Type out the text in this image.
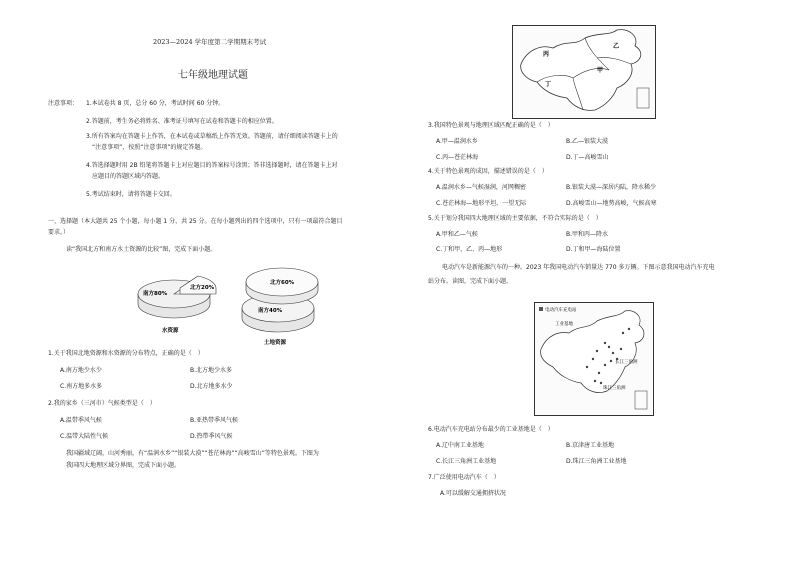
2023—2024 学年度第二学期期末考试
七年级地理试题
注意事项： 1.本试卷共 8 页，总分 60 分，考试时间 60 分钟。
2.答题前，考生务必将姓名、准考证号填写在试卷和答题卡的相应位置。
3.所有答案均在答题卡上作答，在本试卷或草稿纸上作答无效。答题前，请仔细阅读答题卡上的
“注意事项”，按照“注意事项”的规定答题。
4.答选择题时用 2B 铅笔将答题卡上对应题目的答案标号涂黑；答非选择题时，请在答题卡上对
应题目的答题区域内答题。
5.考试结束时，请将答题卡交回。
一、选择题（本大题共 25 个小题，每小题 1 分，共 25 分。在每小题列出的四个选项中，只有一项最符合题目
要求。）
读“我国北方和南方水土资源的比较”图，完成下面小题。
南方80%
北方20%
水资源
北方60%
南方40%
土地资源
1.关于我国北地资源和水资源的分布特点，正确的是（　）
A.南方地少水少	B.北方地少水多
C.南方地多水多	D.北方地多水少
2.我的家乡（三河市）气候类型是（　）
A.温带季风气候	B.亚热带季风气候
C.温带大陆性气候	D.热带季风气候
我国疆域辽阔，山河秀丽，有“温润水乡”“银装大漠”“苍茫林海”“高峻雪山”等特色景观。下图为
我国四大地理区域分界图，完成下面小题。
丙
乙
甲
丁
3.我国特色景观与地理区域匹配正确的是（　）
A.甲—温润水乡	B.乙—银装大漠
C.丙—苍茫林海	D.丁—高峻雪山
4.关于特色景观的成因，描述错误的是（　）
A.温润水乡—气候湿润，河网稠密	B.银装大漠—深居内陆，降水稀少
C.苍茫林海—地形平坦，一望无际	D.高峻雪山—地势高峻，气候高寒
5.关于划分我国四大地理区域的主要依据，不符合实际的是（　）
A.甲和乙—气候	B.甲和丙—降水
C.丁和甲、乙、丙—地形	D.丁和甲—海陆位置
电动汽车是新能源汽车的一种。2023 年我国电动汽车销量达 770 多万辆。下图示意我国电动汽车充电
站分布。读图，完成下面小题。
电动汽车充电站
工业基地
长江三角洲
珠江三角洲
6.电动汽车充电站分布最少的工业基地是（　）
A.辽中南工业基地	B.京津唐工业基地
C.长江三角洲工业基地	D.珠江三角洲工业基地
7.广泛使用电动汽车（　）
A.可以缓解交通拥挤状况
